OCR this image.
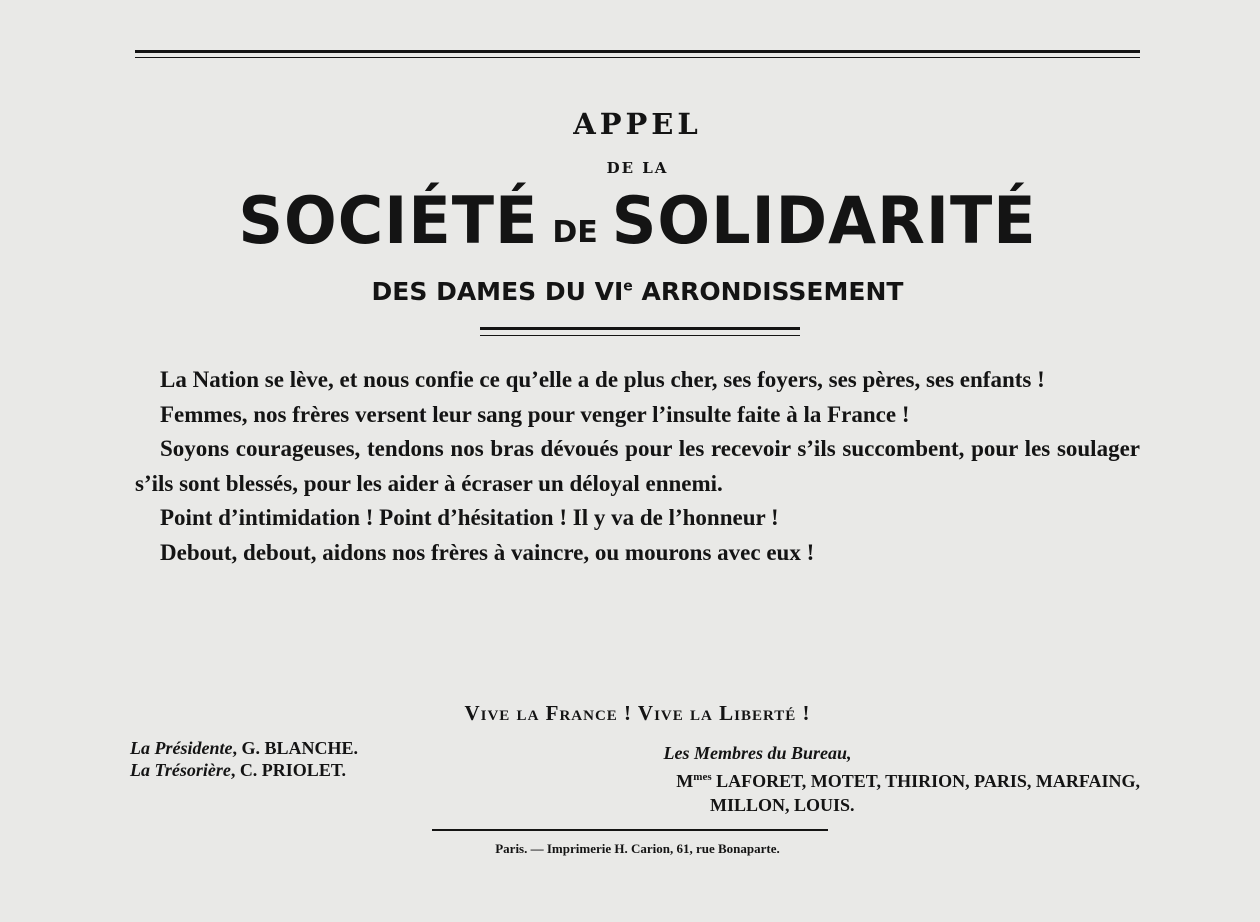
APPEL
DE LA
SOCIÉTÉ DE SOLIDARITÉ
DES DAMES DU VIe ARRONDISSEMENT

La Nation se lève, et nous confie ce qu’elle a de plus cher, ses foyers, ses pères, ses enfants !

Femmes, nos frères versent leur sang pour venger l’insulte faite à la France !

Soyons courageuses, tendons nos bras dévoués pour les recevoir s’ils succombent, pour les soulager s’ils sont blessés, pour les aider à écraser un déloyal ennemi.

Point d’intimidation ! Point d’hésitation ! Il y va de l’honneur !

Debout, debout, aidons nos frères à vaincre, ou mourons avec eux !

Vive la France ! Vive la Liberté !
La Présidente, G. BLANCHE.
La Trésorière, C. PRIOLET.
Les Membres du Bureau,
$M^{mes}$ LAFORET, MOTET, THIRION, PARIS, MARFAING,
MILLON, LOUIS.
Paris. — Imprimerie H. Carion, 61, rue Bonaparte.
